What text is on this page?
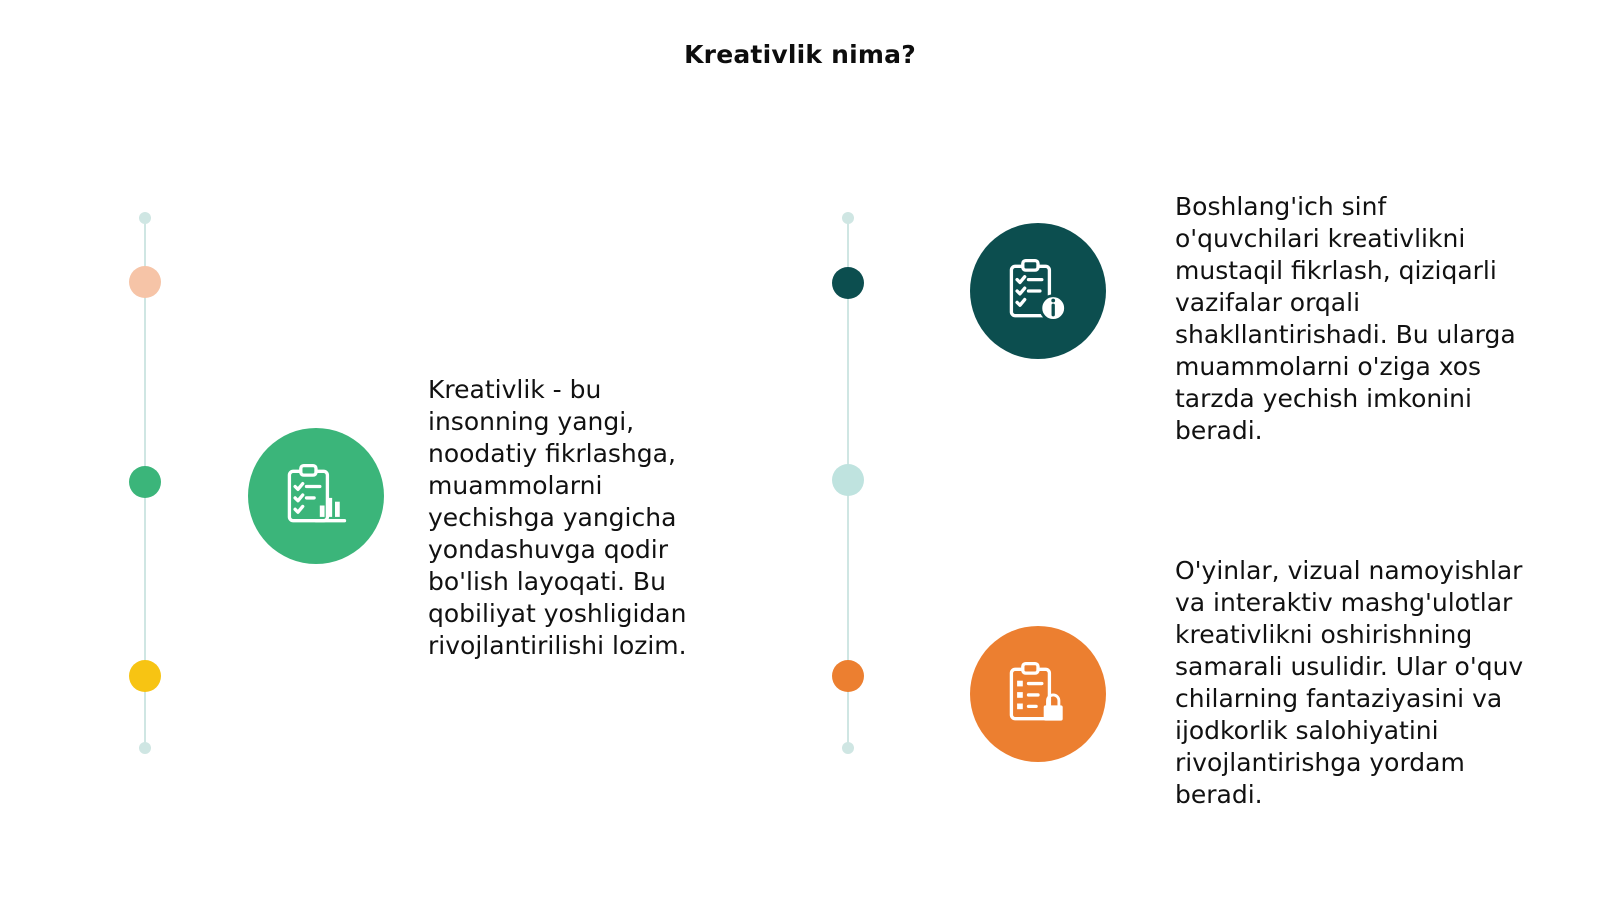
Kreativlik nima?
Kreativlik - bu
insonning yangi,
noodatiy fikrlashga,
muammolarni
yechishga yangicha
yondashuvga qodir
bo'lish layoqati. Bu
qobiliyat yoshligidan
rivojlantirilishi lozim.
Boshlang'ich sinf
o'quvchilari kreativlikni
mustaqil fikrlash, qiziqarli
vazifalar orqali
shakllantirishadi. Bu ularga
muammolarni o'ziga xos
tarzda yechish imkonini
beradi.
O'yinlar, vizual namoyishlar
va interaktiv mashg'ulotlar
kreativlikni oshirishning
samarali usulidir. Ular o'quv
chilarning fantaziyasini va
ijodkorlik salohiyatini
rivojlantirishga yordam
beradi.
